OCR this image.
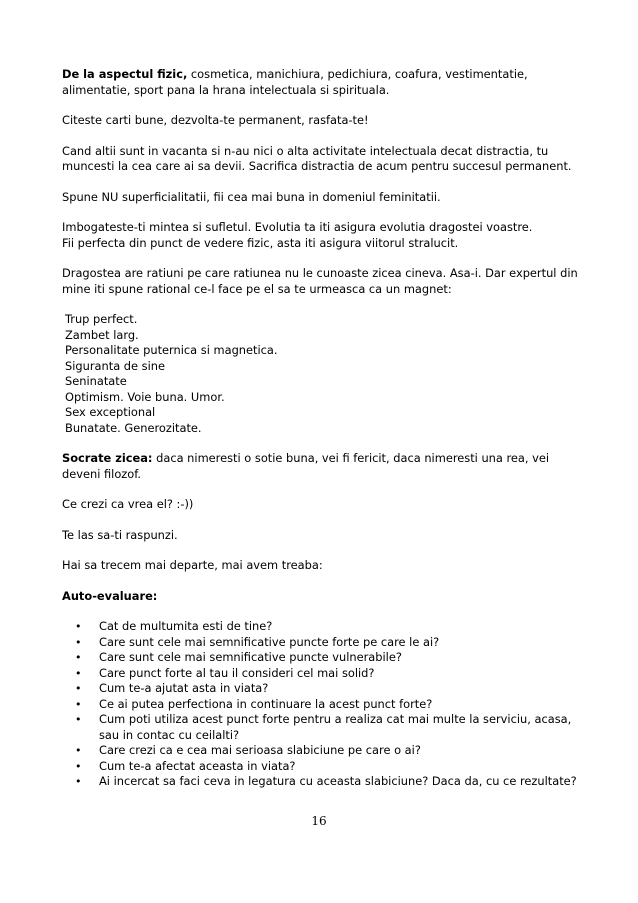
De la aspectul fizic, cosmetica, manichiura, pedichiura, coafura, vestimentatie, alimentatie, sport pana la hrana intelectuala si spirituala.

Citeste carti bune, dezvolta-te permanent, rasfata-te!

Cand altii sunt in vacanta si n-au nici o alta activitate intelectuala decat distractia, tu muncesti la cea care ai sa devii. Sacrifica distractia de acum pentru succesul permanent.

Spune NU superficialitatii, fii cea mai buna in domeniul feminitatii.

Imbogateste-ti mintea si sufletul. Evolutia ta iti asigura evolutia dragostei voastre.
Fii perfecta din punct de vedere fizic, asta iti asigura viitorul stralucit.

Dragostea are ratiuni pe care ratiunea nu le cunoaste zicea cineva. Asa-i. Dar expertul din mine iti spune rational ce-l face pe el sa te urmeasca ca un magnet:

Trup perfect.
Zambet larg.
Personalitate puternica si magnetica.
Siguranta de sine
Seninatate
Optimism. Voie buna. Umor.
Sex exceptional
Bunatate. Generozitate.

Socrate zicea: daca nimeresti o sotie buna, vei fi fericit, daca nimeresti una rea, vei deveni filozof.

Ce crezi ca vrea el? :-))

Te las sa-ti raspunzi.

Hai sa trecem mai departe, mai avem treaba:

Auto-evaluare:

• Cat de multumita esti de tine?
• Care sunt cele mai semnificative puncte forte pe care le ai?
• Care sunt cele mai semnificative puncte vulnerabile?
• Care punct forte al tau il consideri cel mai solid?
• Cum te-a ajutat asta in viata?
• Ce ai putea perfectiona in continuare la acest punct forte?
• Cum poti utiliza acest punct forte pentru a realiza cat mai multe la serviciu, acasa, sau in contac cu ceilalti?
• Care crezi ca e cea mai serioasa slabiciune pe care o ai?
• Cum te-a afectat aceasta in viata?
• Ai incercat sa faci ceva in legatura cu aceasta slabiciune? Daca da, cu ce rezultate?
16
